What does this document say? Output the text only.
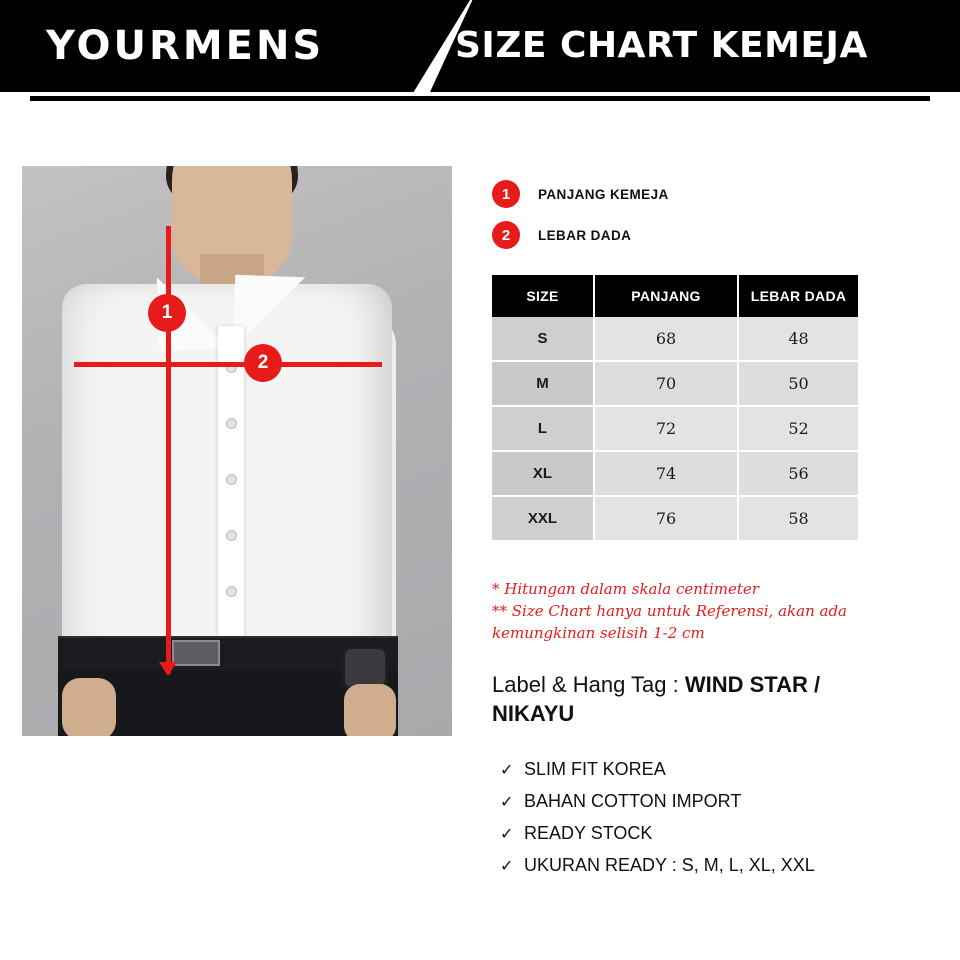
YOURMENS	SIZE CHART KEMEJA
1
2
1	PANJANG KEMEJA
2	LEBAR DADA
SIZE	PANJANG	LEBAR DADA
S	68	48
M	70	50
L	72	52
XL	74	56
XXL	76	58
* Hitungan dalam skala centimeter
** Size Chart hanya untuk Referensi, akan ada
kemungkinan selisih 1-2 cm
Label & Hang Tag : WIND STAR / NIKAYU
✓ SLIM FIT KOREA
✓ BAHAN COTTON IMPORT
✓ READY STOCK
✓ UKURAN READY : S, M, L, XL, XXL
